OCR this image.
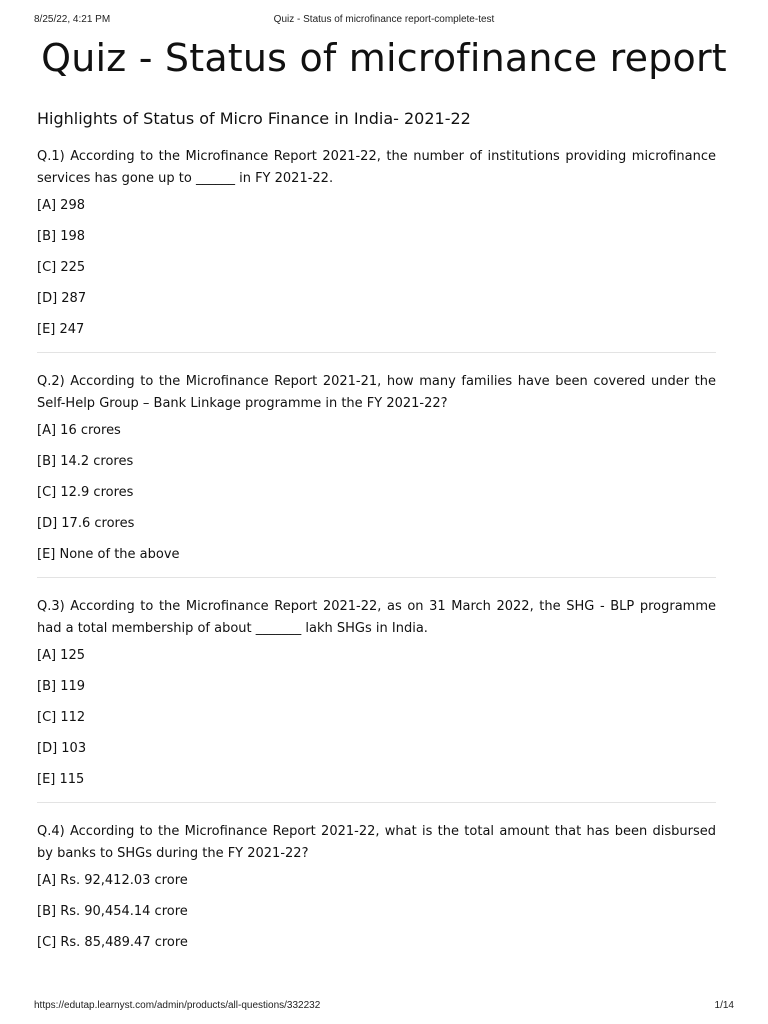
8/25/22, 4:21 PM	Quiz - Status of microfinance report-complete-test
Quiz - Status of microfinance report
Highlights of Status of Micro Finance in India- 2021-22

Q.1) According to the Microfinance Report 2021-22, the number of institutions providing microfinance services has gone up to ______ in FY 2021-22.

[A] 298

[B] 198

[C] 225

[D] 287

[E] 247

Q.2) According to the Microfinance Report 2021-21, how many families have been covered under the Self-Help Group – Bank Linkage programme in the FY 2021-22?

[A] 16 crores

[B] 14.2 crores

[C] 12.9 crores

[D] 17.6 crores

[E] None of the above

Q.3) According to the Microfinance Report 2021-22, as on 31 March 2022, the SHG - BLP programme had a total membership of about _______ lakh SHGs in India.

[A] 125

[B] 119

[C] 112

[D] 103

[E] 115

Q.4) According to the Microfinance Report 2021-22, what is the total amount that has been disbursed by banks to SHGs during the FY 2021-22?

[A] Rs. 92,412.03 crore

[B] Rs. 90,454.14 crore

[C] Rs. 85,489.47 crore

https://edutap.learnyst.com/admin/products/all-questions/332232	1/14
